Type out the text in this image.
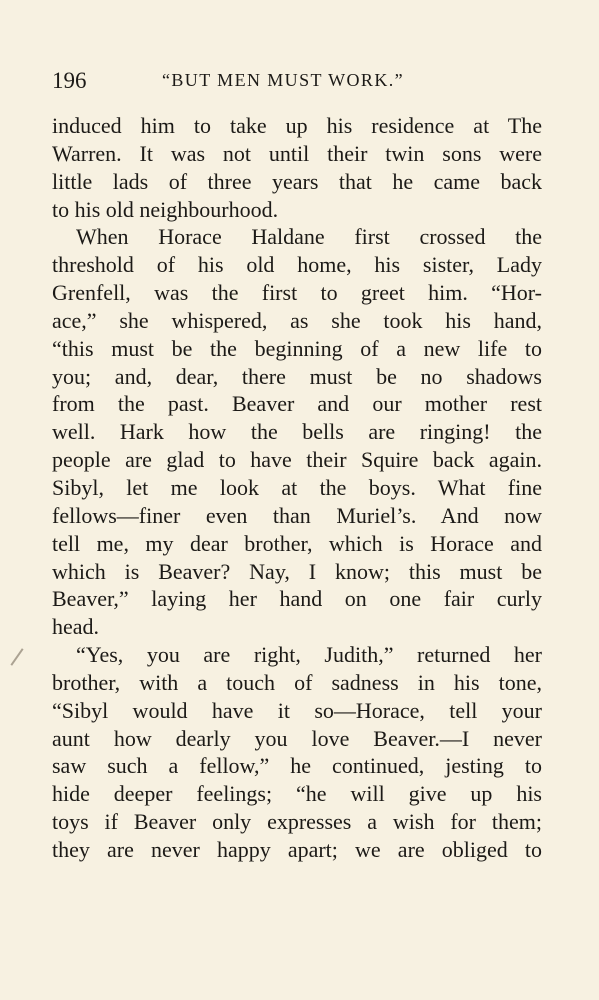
196	“BUT MEN MUST WORK.”
induced him to take up his residence at The
Warren. It was not until their twin sons were
little lads of three years that he came back
to his old neighbourhood.
When Horace Haldane first crossed the
threshold of his old home, his sister, Lady
Grenfell, was the first to greet him. “Hor-
ace,” she whispered, as she took his hand,
“this must be the beginning of a new life to
you; and, dear, there must be no shadows
from the past. Beaver and our mother rest
well. Hark how the bells are ringing! the
people are glad to have their Squire back again.
Sibyl, let me look at the boys. What fine
fellows—finer even than Muriel’s. And now
tell me, my dear brother, which is Horace and
which is Beaver? Nay, I know; this must be
Beaver,” laying her hand on one fair curly
head.
“Yes, you are right, Judith,” returned her
brother, with a touch of sadness in his tone,
“Sibyl would have it so—Horace, tell your
aunt how dearly you love Beaver.—I never
saw such a fellow,” he continued, jesting to
hide deeper feelings; “he will give up his
toys if Beaver only expresses a wish for them;
they are never happy apart; we are obliged to
